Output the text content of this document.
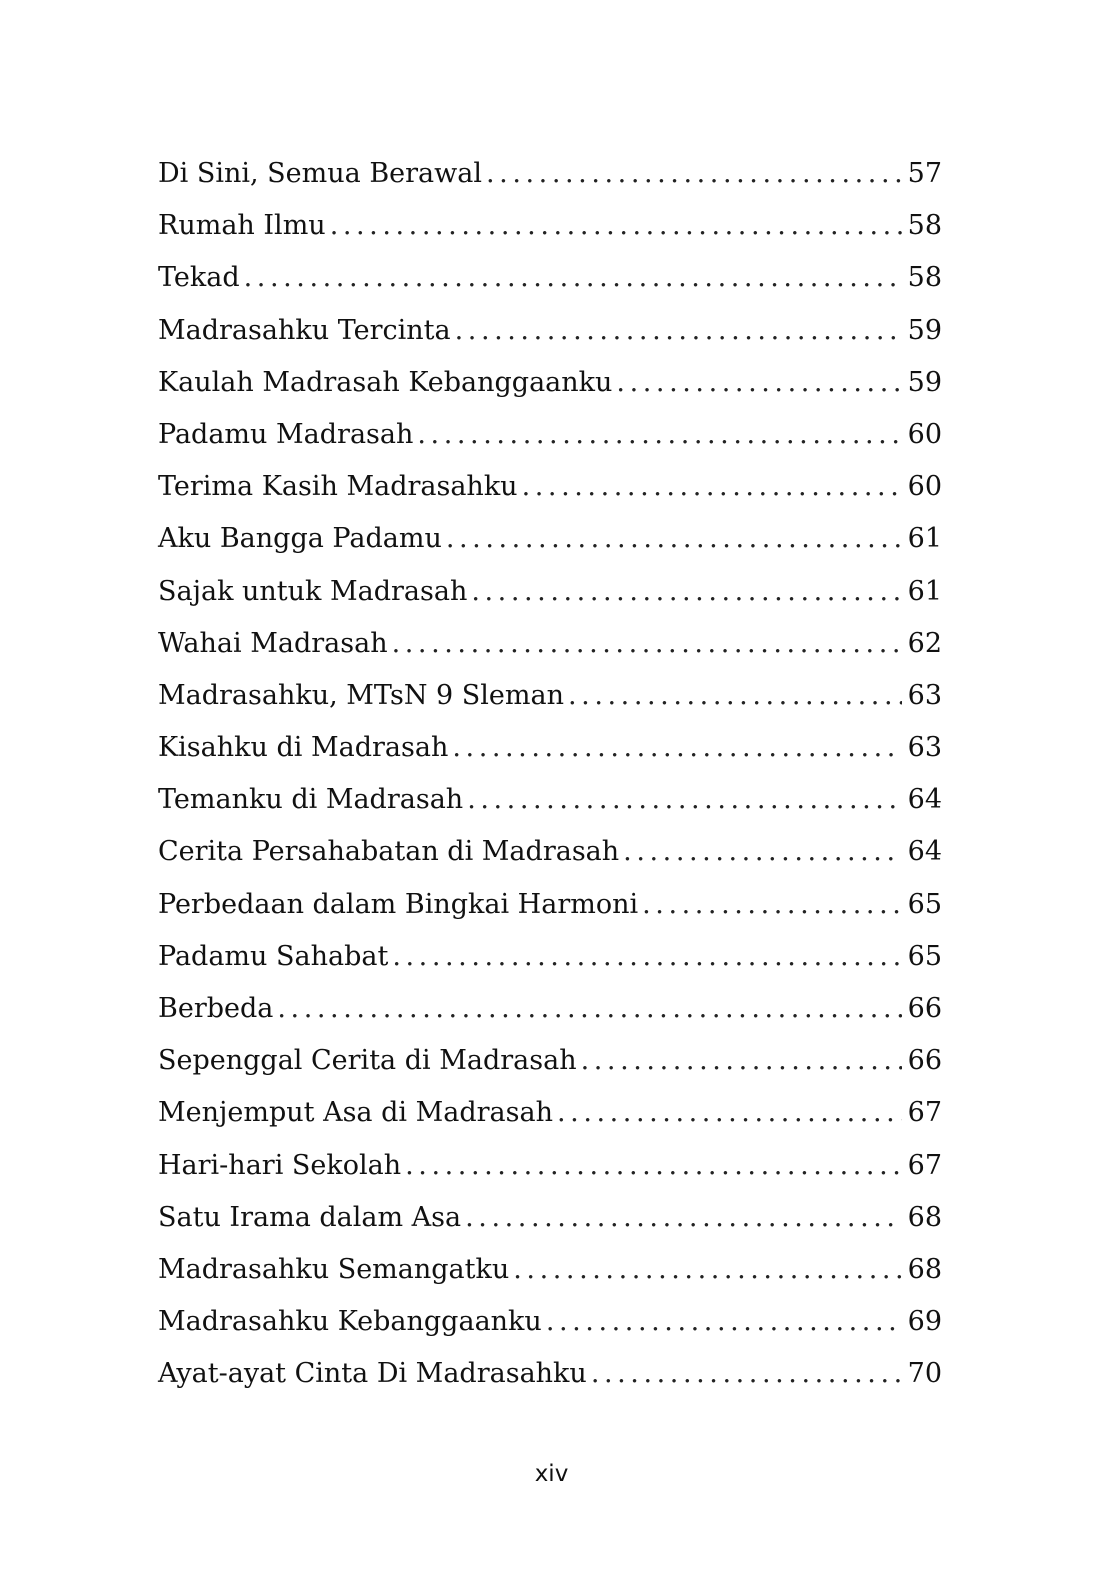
Di Sini, Semua Berawal . . .	57
Rumah Ilmu . . .	58
Tekad . . .	58
Madrasahku Tercinta . . .	59
Kaulah Madrasah Kebanggaanku . . .	59
Padamu Madrasah . . .	60
Terima Kasih Madrasahku . . .	60
Aku Bangga Padamu . . .	61
Sajak untuk Madrasah . . .	61
Wahai Madrasah . . .	62
Madrasahku, MTsN 9 Sleman . . .	63
Kisahku di Madrasah . . .	63
Temanku di Madrasah . . .	64
Cerita Persahabatan di Madrasah . . .	64
Perbedaan dalam Bingkai Harmoni . . .	65
Padamu Sahabat . . .	65
Berbeda . . .	66
Sepenggal Cerita di Madrasah . . .	66
Menjemput Asa di Madrasah . . .	67
Hari-hari Sekolah . . .	67
Satu Irama dalam Asa . . .	68
Madrasahku Semangatku . . .	68
Madrasahku Kebanggaanku . . .	69
Ayat-ayat Cinta Di Madrasahku . . .	70
xiv
